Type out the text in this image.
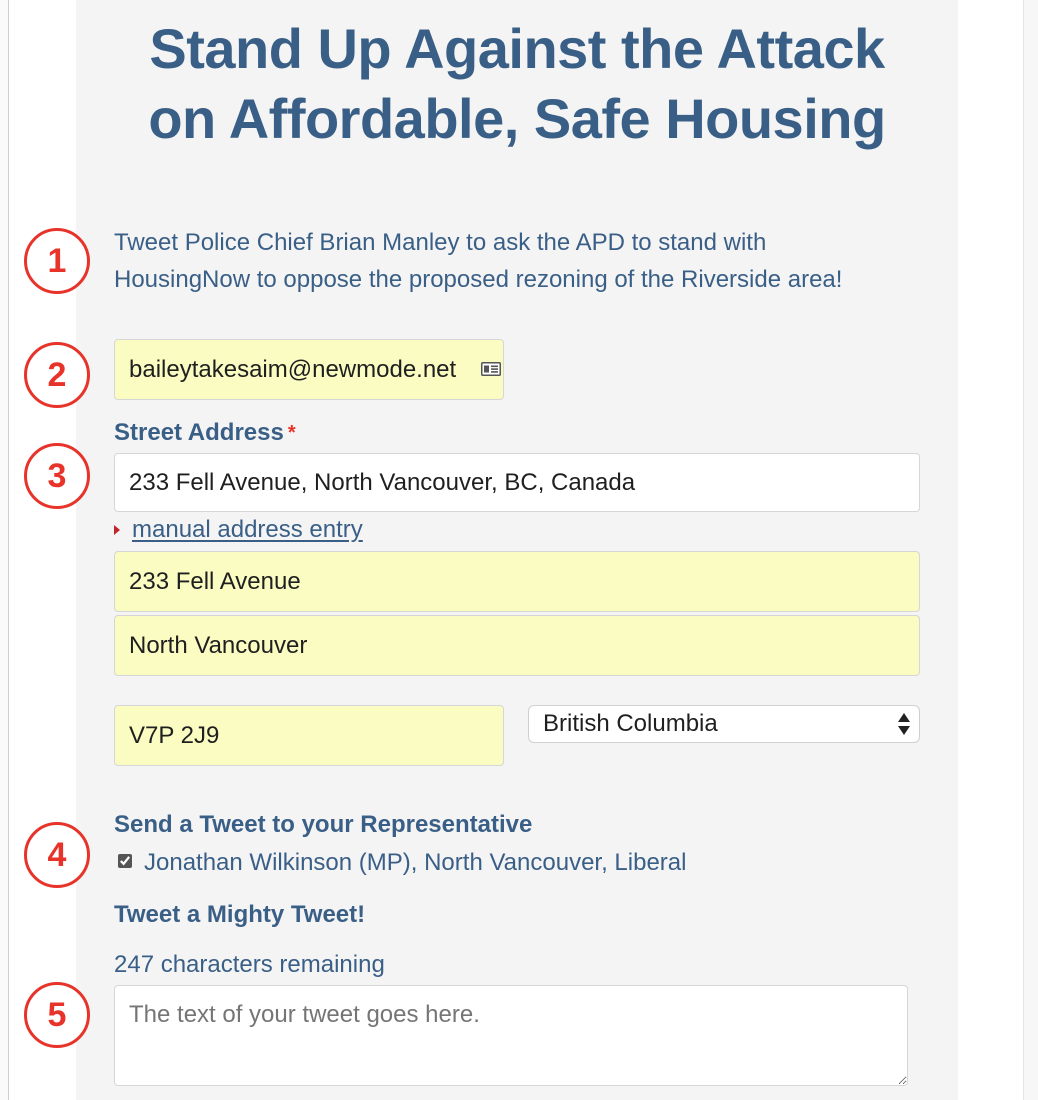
Stand Up Against the Attack
on Affordable, Safe Housing
1
2
3
4
5

Tweet Police Chief Brian Manley to ask the APD to stand with
HousingNow to oppose the proposed rezoning of the Riverside area!

baileytakesaim@newmode.net
Street Address *
233 Fell Avenue, North Vancouver, BC, Canada
manual address entry
233 Fell Avenue
North Vancouver
V7P 2J9
British Columbia
Send a Tweet to your Representative
Jonathan Wilkinson (MP), North Vancouver, Liberal
Tweet a Mighty Tweet!
247 characters remaining
The text of your tweet goes here.
